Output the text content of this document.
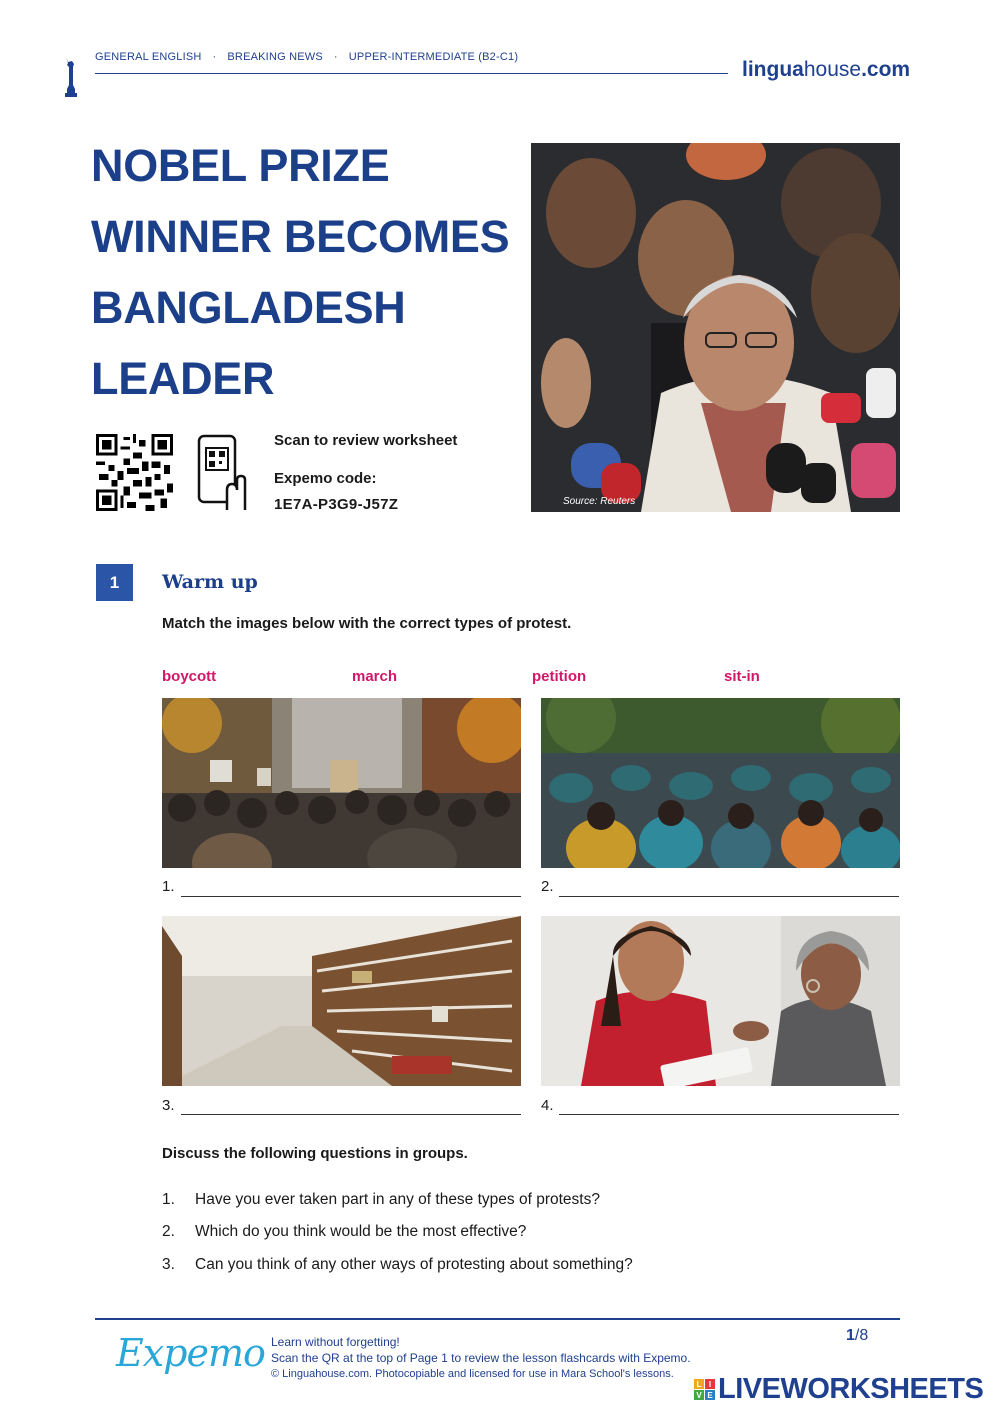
GENERAL ENGLISH · BREAKING NEWS · UPPER-INTERMEDIATE (B2-C1)
linguahouse.com
NOBEL PRIZE
WINNER BECOMES
BANGLADESH
LEADER
Source: Reuters
Scan to review worksheet
Expemo code:
1E7A-P3G9-J57Z
1	Warm up
Match the images below with the correct types of protest.
boycott	march	petition	sit-in
1.	2.
3.	4.
Discuss the following questions in groups.
1. Have you ever taken part in any of these types of protests?
2. Which do you think would be the most effective?
3. Can you think of any other ways of protesting about something?
Expemo Learn without forgetting!
Scan the QR at the top of Page 1 to review the lesson flashcards with Expemo.
© Linguahouse.com. Photocopiable and licensed for use in Mara School's lessons.
1/8
L I
V E LIVEWORKSHEETS
